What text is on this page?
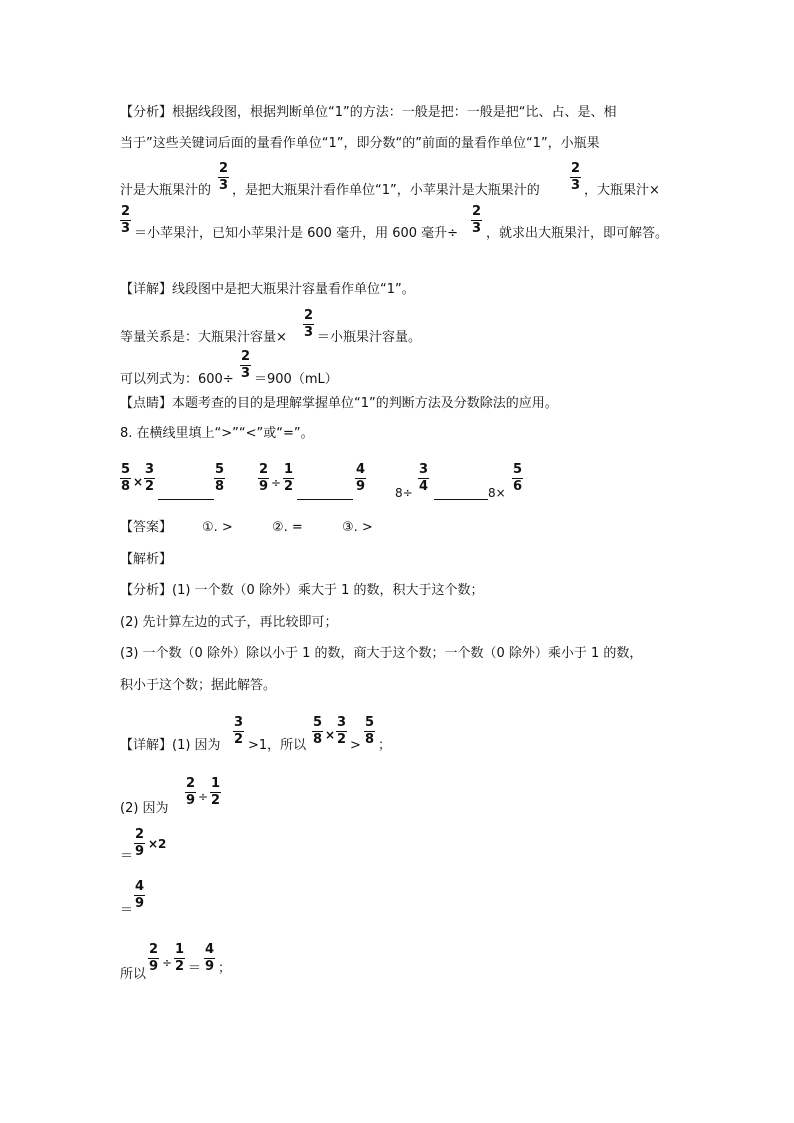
【分析】根据线段图，根据判断单位“1”的方法：一般是把：一般是把“比、占、是、相
当于”这些关键词后面的量看作单位“1”，即分数“的”前面的量看作单位“1”，小瓶果
汁是大瓶果汁的
2
3 ，是把大瓶果汁看作单位“1”，小苹果汁是大瓶果汁的
2
3 ，大瓶果汁×
2
3 ＝小苹果汁，已知小苹果汁是 600 毫升，用 600 毫升÷
2
3 ，就求出大瓶果汁，即可解答。
【详解】线段图中是把大瓶果汁容量看作单位“1”。
等量关系是：大瓶果汁容量×
2
3 ＝小瓶果汁容量。
可以列式为：600÷
2
3 ＝900（mL）
【点睛】本题考查的目的是理解掌握单位“1”的判断方法及分数除法的应用。
8. 在横线里填上“>”“<”或“=”。
5
8 ×
3
2
5
8
2
9 ÷
1
2
4
9 8÷
3
4	8×
5
6
【答案】 ①. >	②. =	③. >
【解析】
【分析】(1) 一个数（0 除外）乘大于 1 的数，积大于这个数；
(2) 先计算左边的式子，再比较即可；
(3) 一个数（0 除外）除以小于 1 的数，商大于这个数；一个数（0 除外）乘小于 1 的数，
积小于这个数；据此解答。
【详解】(1) 因为
3
2 >1，所以
5
8 ×
3
2 >
5
8 ；
(2) 因为
2
9 ÷
1
2
＝
2
9 ×2
＝
4
9
所以
2
9 ÷
1
2 ＝
4
9 ；
